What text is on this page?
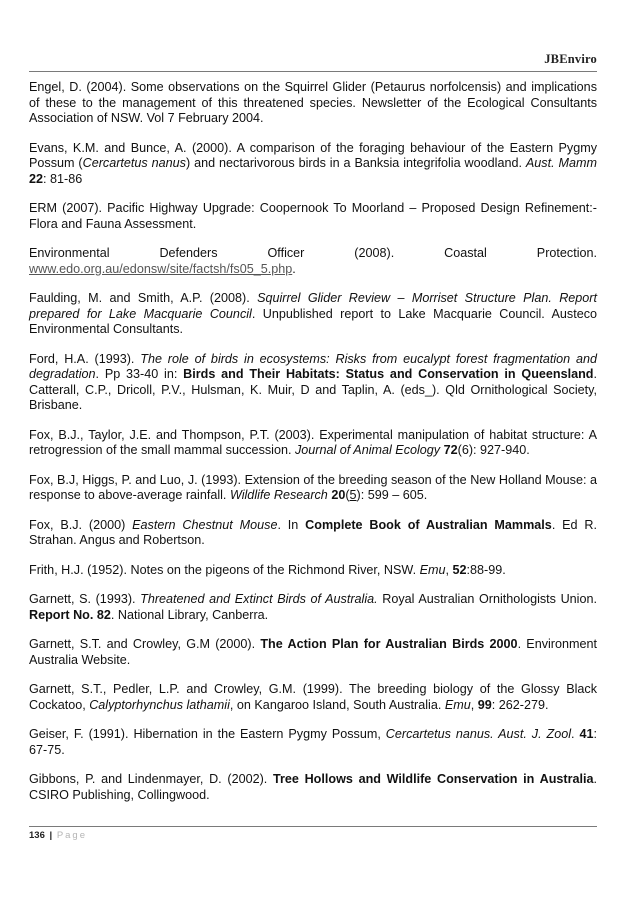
JBEnviro

Engel, D. (2004). Some observations on the Squirrel Glider (Petaurus norfolcensis) and implications of these to the management of this threatened species. Newsletter of the Ecological Consultants Association of NSW. Vol 7 February 2004.

Evans, K.M. and Bunce, A. (2000). A comparison of the foraging behaviour of the Eastern Pygmy Possum (Cercartetus nanus) and nectarivorous birds in a Banksia integrifolia woodland. Aust. Mamm 22: 81-86

ERM (2007). Pacific Highway Upgrade: Coopernook To Moorland – Proposed Design Refinement:- Flora and Fauna Assessment.

Environmental Defenders Officer (2008). Coastal Protection. www.edo.org.au/edonsw/site/factsh/fs05_5.php.

Faulding, M. and Smith, A.P. (2008). Squirrel Glider Review – Morriset Structure Plan. Report prepared for Lake Macquarie Council. Unpublished report to Lake Macquarie Council. Austeco Environmental Consultants.

Ford, H.A. (1993). The role of birds in ecosystems: Risks from eucalypt forest fragmentation and degradation. Pp 33-40 in: Birds and Their Habitats: Status and Conservation in Queensland. Catterall, C.P., Dricoll, P.V., Hulsman, K. Muir, D and Taplin, A. (eds_). Qld Ornithological Society, Brisbane.

Fox, B.J., Taylor, J.E. and Thompson, P.T. (2003). Experimental manipulation of habitat structure: A retrogression of the small mammal succession. Journal of Animal Ecology 72(6): 927-940.

Fox, B.J, Higgs, P. and Luo, J. (1993). Extension of the breeding season of the New Holland Mouse: a response to above-average rainfall. Wildlife Research 20(5): 599 – 605.

Fox, B.J. (2000) Eastern Chestnut Mouse. In Complete Book of Australian Mammals. Ed R. Strahan. Angus and Robertson.

Frith, H.J. (1952). Notes on the pigeons of the Richmond River, NSW. Emu, 52:88-99.

Garnett, S. (1993). Threatened and Extinct Birds of Australia. Royal Australian Ornithologists Union. Report No. 82. National Library, Canberra.

Garnett, S.T. and Crowley, G.M (2000). The Action Plan for Australian Birds 2000. Environment Australia Website.

Garnett, S.T., Pedler, L.P. and Crowley, G.M. (1999). The breeding biology of the Glossy Black Cockatoo, Calyptorhynchus lathamii, on Kangaroo Island, South Australia. Emu, 99: 262-279.

Geiser, F. (1991). Hibernation in the Eastern Pygmy Possum, Cercartetus nanus. Aust. J. Zool. 41: 67-75.

Gibbons, P. and Lindenmayer, D. (2002). Tree Hollows and Wildlife Conservation in Australia. CSIRO Publishing, Collingwood.

136 | Page
